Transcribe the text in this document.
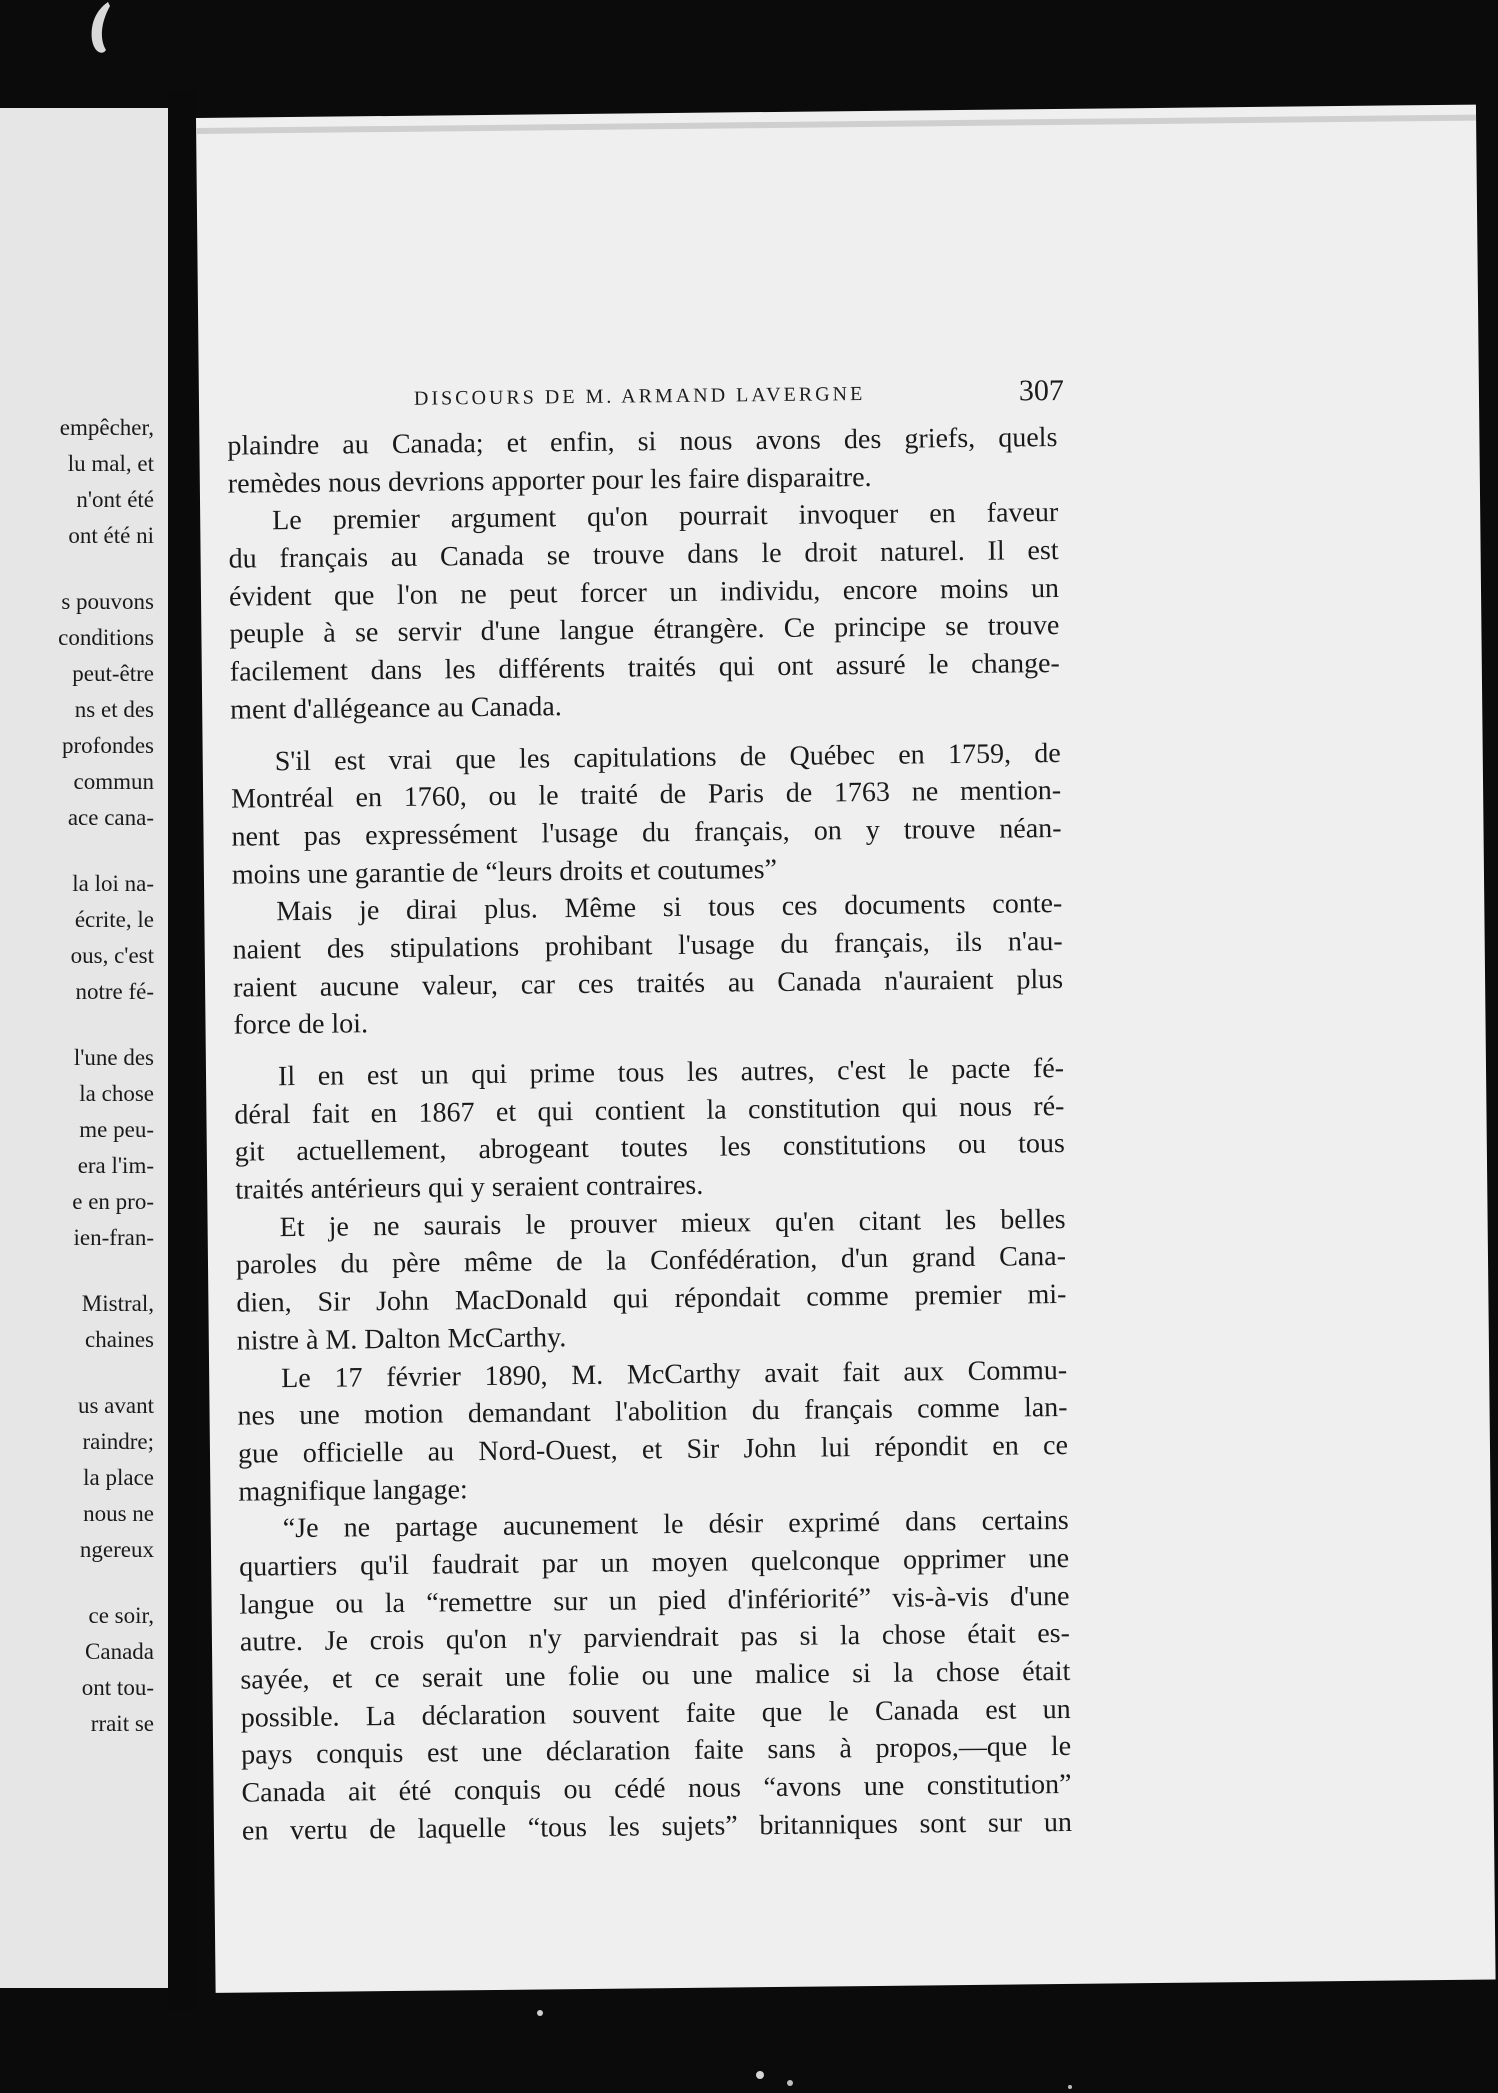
empêcher,
lu mal, et
n'ont été
ont été ni
s pouvons
conditions
peut-être
ns et des
profondes
commun
ace cana-
la loi na-
écrite, le
ous, c'est
notre fé-
l'une des
la chose
me peu-
era l'im-
e en pro-
ien-fran-
Mistral,
chaines
us avant
raindre;
la place
nous ne
ngereux
ce soir,
Canada
ont tou-
rrait se
DISCOURS DE M. ARMAND LAVERGNE	307
plaindre au Canada; et enfin, si nous avons des griefs, quels
remèdes nous devrions apporter pour les faire disparaitre.
Le premier argument qu'on pourrait invoquer en faveur
du français au Canada se trouve dans le droit naturel. Il est
évident que l'on ne peut forcer un individu, encore moins un
peuple à se servir d'une langue étrangère. Ce principe se trouve
facilement dans les différents traités qui ont assuré le change-
ment d'allégeance au Canada.
S'il est vrai que les capitulations de Québec en 1759, de
Montréal en 1760, ou le traité de Paris de 1763 ne mention-
nent pas expressément l'usage du français, on y trouve néan-
moins une garantie de “leurs droits et coutumes”
Mais je dirai plus. Même si tous ces documents conte-
naient des stipulations prohibant l'usage du français, ils n'au-
raient aucune valeur, car ces traités au Canada n'auraient plus
force de loi.
Il en est un qui prime tous les autres, c'est le pacte fé-
déral fait en 1867 et qui contient la constitution qui nous ré-
git actuellement, abrogeant toutes les constitutions ou tous
traités antérieurs qui y seraient contraires.
Et je ne saurais le prouver mieux qu'en citant les belles
paroles du père même de la Confédération, d'un grand Cana-
dien, Sir John MacDonald qui répondait comme premier mi-
nistre à M. Dalton McCarthy.
Le 17 février 1890, M. McCarthy avait fait aux Commu-
nes une motion demandant l'abolition du français comme lan-
gue officielle au Nord-Ouest, et Sir John lui répondit en ce
magnifique langage:
“Je ne partage aucunement le désir exprimé dans certains
quartiers qu'il faudrait par un moyen quelconque opprimer une
langue ou la “remettre sur un pied d'infériorité” vis-à-vis d'une
autre. Je crois qu'on n'y parviendrait pas si la chose était es-
sayée, et ce serait une folie ou une malice si la chose était
possible. La déclaration souvent faite que le Canada est un
pays conquis est une déclaration faite sans à propos,—que le
Canada ait été conquis ou cédé nous “avons une constitution”
en vertu de laquelle “tous les sujets” britanniques sont sur un
